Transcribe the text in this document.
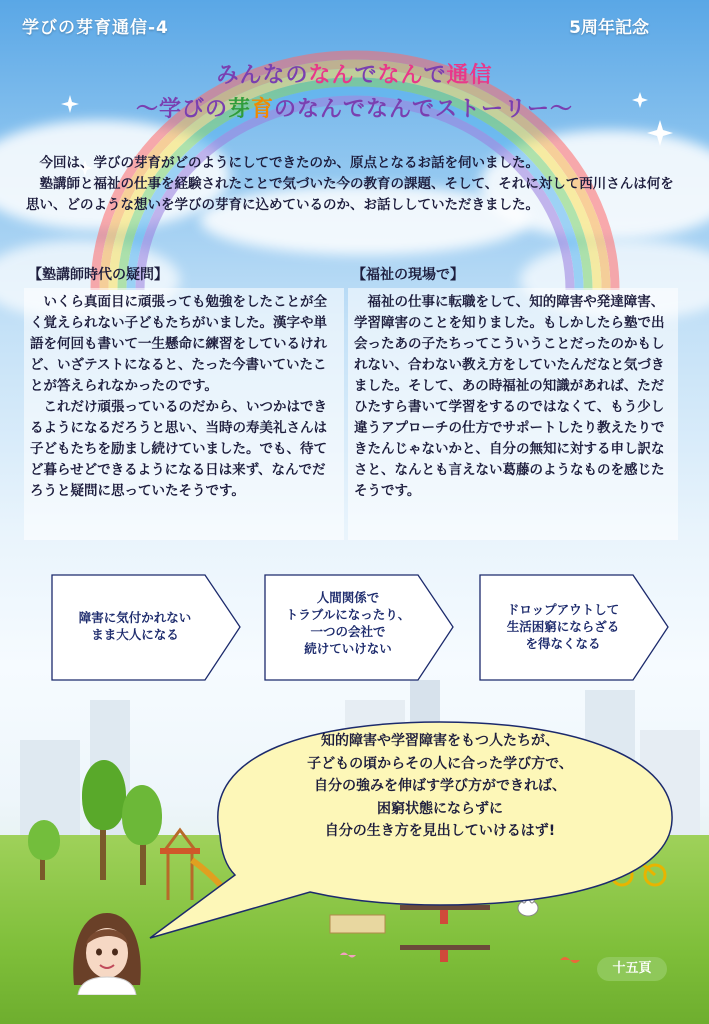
学びの芽育通信-4	5周年記念
みんなのなんでなんで通信
～学びの芽育のなんでなんでストーリー～

今回は、学びの芽育がどのようにしてできたのか、原点となるお話を伺いました。

塾講師と福祉の仕事を経験されたことで気づいた今の教育の課題、そして、それに対して西川さんは何を思い、どのような想いを学びの芽育に込めているのか、お話ししていただきました。

【塾講師時代の疑問】

いくら真面目に頑張っても勉強をしたことが全く覚えられない子どもたちがいました。漢字や単語を何回も書いて一生懸命に練習をしているけれど、いざテストになると、たった今書いていたことが答えられなかったのです。

これだけ頑張っているのだから、いつかはできるようになるだろうと思い、当時の寿美礼さんは子どもたちを励まし続けていました。でも、待てど暮らせどできるようになる日は来ず、なんでだろうと疑問に思っていたそうです。

【福祉の現場で】

福祉の仕事に転職をして、知的障害や発達障害、学習障害のことを知りました。もしかしたら塾で出会ったあの子たちってこういうことだったのかもしれない、合わない教え方をしていたんだなと気づきました。そして、あの時福祉の知識があれば、ただひたすら書いて学習をするのではなくて、もう少し違うアプローチの仕方でサポートしたり教えたりできたんじゃないかと、自分の無知に対する申し訳なさと、なんとも言えない葛藤のようなものを感じたそうです。

障害に気付かれない
まま大人になる
人間関係で
トラブルになったり、
一つの会社で
続けていけない
ドロップアウトして
生活困窮にならざる
を得なくなる
知的障害や学習障害をもつ人たちが、
子どもの頃からその人に合った学び方で、
自分の強みを伸ばす学び方ができれば、
困窮状態にならずに
自分の生き方を見出していけるはず!
十五頁
